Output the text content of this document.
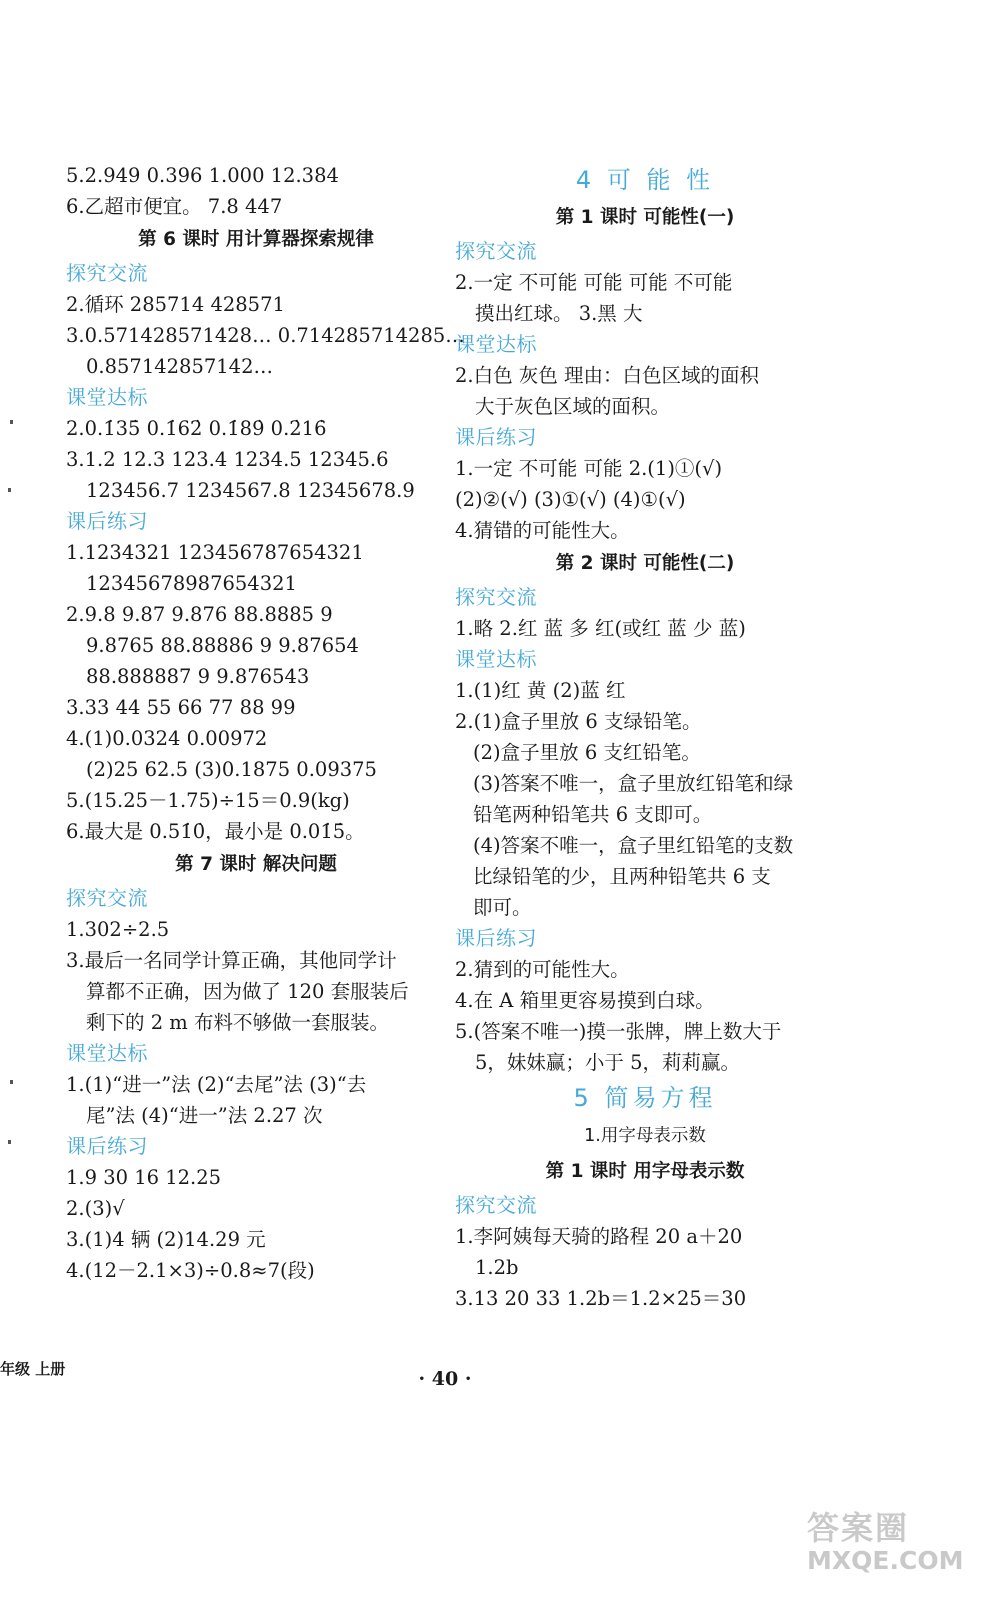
5.2.949 0.396 1.000 12.384
6.乙超市便宜。 7.8 447
第 6 课时 用计算器探索规律
探究交流
2.循环 285714 428571
3.0.571428571428… 0.714285714285…
0.857142857142…
课堂达标
2.0.1̇35̇ 0.1̇62̇ 0.1̇89̇ 0.2̇16̇
3.1.2 12.3 123.4 1234.5 12345.6
123456.7 1234567.8 12345678.9
课后练习
1.1234321 123456787654321
12345678987654321
2.9.8 9.87 9.876 88.8885 9
9.8765 88.88886 9 9.87654
88.888887 9 9.876543
3.33 44 55 66 77 88 99
4.(1)0.0324 0.00972
(2)25 62.5 (3)0.1875 0.09375
5.(15.25－1.75)÷15＝0.9(kg)
6.最大是 0.51̇0̇，最小是 0.01̇5̇。
第 7 课时 解决问题
探究交流
1.302÷2.5
3.最后一名同学计算正确，其他同学计
算都不正确，因为做了 120 套服装后
剩下的 2 m 布料不够做一套服装。
课堂达标
1.(1)“进一”法 (2)“去尾”法 (3)“去
尾”法 (4)“进一”法 2.27 次
课后练习
1.9 30 16 12.25
2.(3)√
3.(1)4 辆 (2)14.29 元
4.(12－2.1×3)÷0.8≈7(段)
4 可 能 性
第 1 课时 可能性(一)
探究交流
2.一定 不可能 可能 可能 不可能
摸出红球。 3.黑 大
课堂达标
2.白色 灰色 理由：白色区域的面积
大于灰色区域的面积。
课后练习
1.一定 不可能 可能 2.(1)①(√)
(2)②(√) (3)①(√) (4)①(√)
4.猜错的可能性大。
第 2 课时 可能性(二)
探究交流
1.略 2.红 蓝 多 红(或红 蓝 少 蓝)
课堂达标
1.(1)红 黄 (2)蓝 红
2.(1)盒子里放 6 支绿铅笔。
(2)盒子里放 6 支红铅笔。
(3)答案不唯一，盒子里放红铅笔和绿
铅笔两种铅笔共 6 支即可。
(4)答案不唯一，盒子里红铅笔的支数
比绿铅笔的少，且两种铅笔共 6 支
即可。
课后练习
2.猜到的可能性大。
4.在 A 箱里更容易摸到白球。
5.(答案不唯一)摸一张牌，牌上数大于
5，妹妹赢；小于 5，莉莉赢。
5 简易方程
1.用字母表示数
第 1 课时 用字母表示数
探究交流
1.李阿姨每天骑的路程 20 a＋20
1.2b
3.13 20 33 1.2b＝1.2×25＝30
年级 上册	· 40 ·
答案圈
MXQE.COM
